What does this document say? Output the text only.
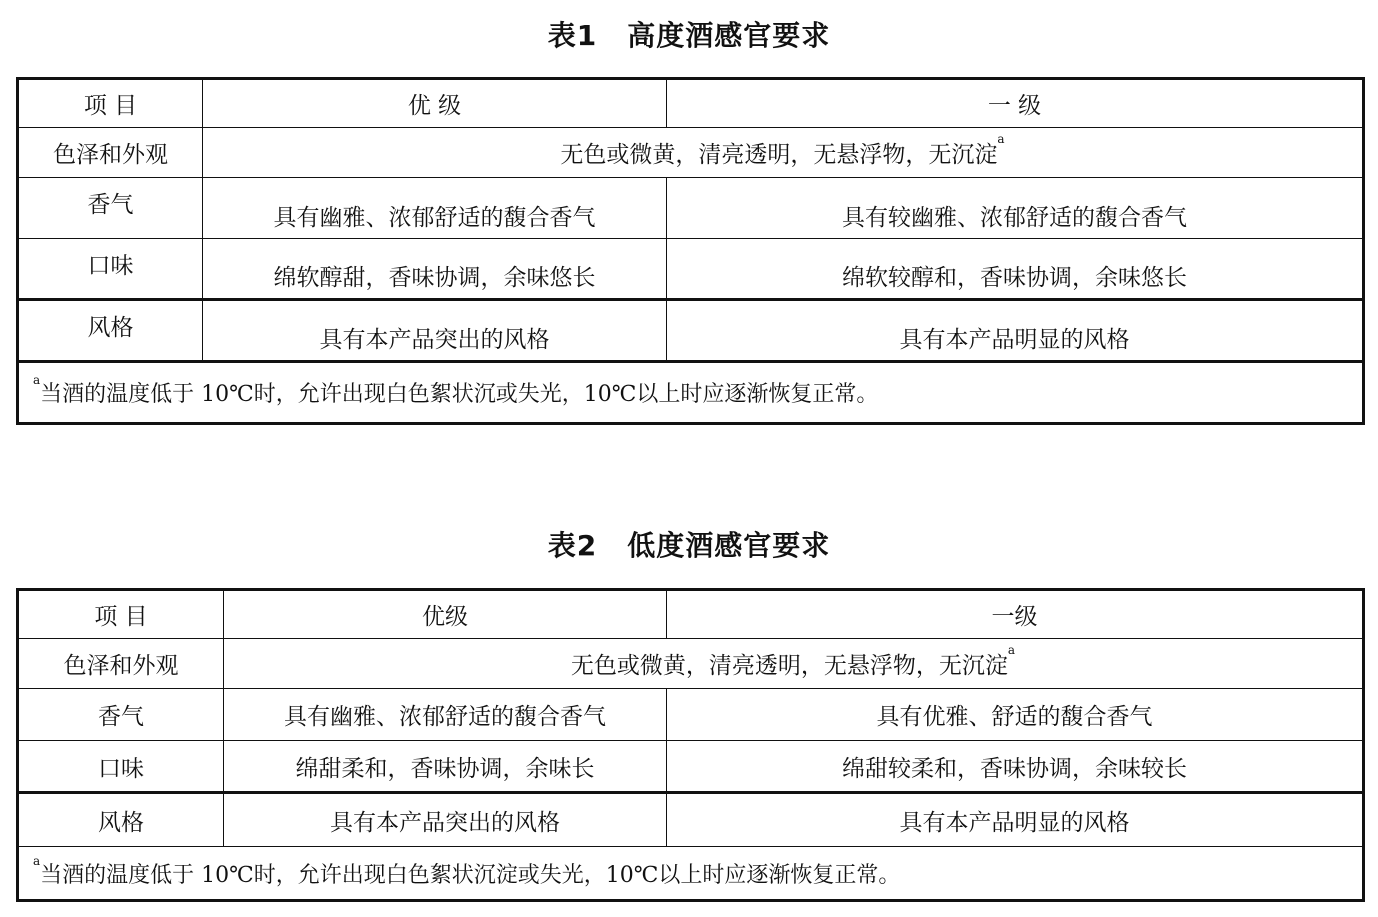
表1 高度酒感官要求
项 目	优 级	一 级
色泽和外观	无色或微黄，清亮透明，无悬浮物，无沉淀$^a$
香气	具有幽雅、浓郁舒适的馥合香气	具有较幽雅、浓郁舒适的馥合香气
口味	绵软醇甜，香味协调，余味悠长	绵软较醇和，香味协调，余味悠长
风格	具有本产品突出的风格	具有本产品明显的风格
$^a$当酒的温度低于 10℃时，允许出现白色絮状沉或失光，10℃以上时应逐渐恢复正常。		
表2 低度酒感官要求
项 目	优级	一级
色泽和外观	无色或微黄，清亮透明，无悬浮物，无沉淀$^a$
香气	具有幽雅、浓郁舒适的馥合香气	具有优雅、舒适的馥合香气
口味	绵甜柔和，香味协调，余味长	绵甜较柔和，香味协调，余味较长
风格	具有本产品突出的风格	具有本产品明显的风格
$^a$当酒的温度低于 10℃时，允许出现白色絮状沉淀或失光，10℃以上时应逐渐恢复正常。		
